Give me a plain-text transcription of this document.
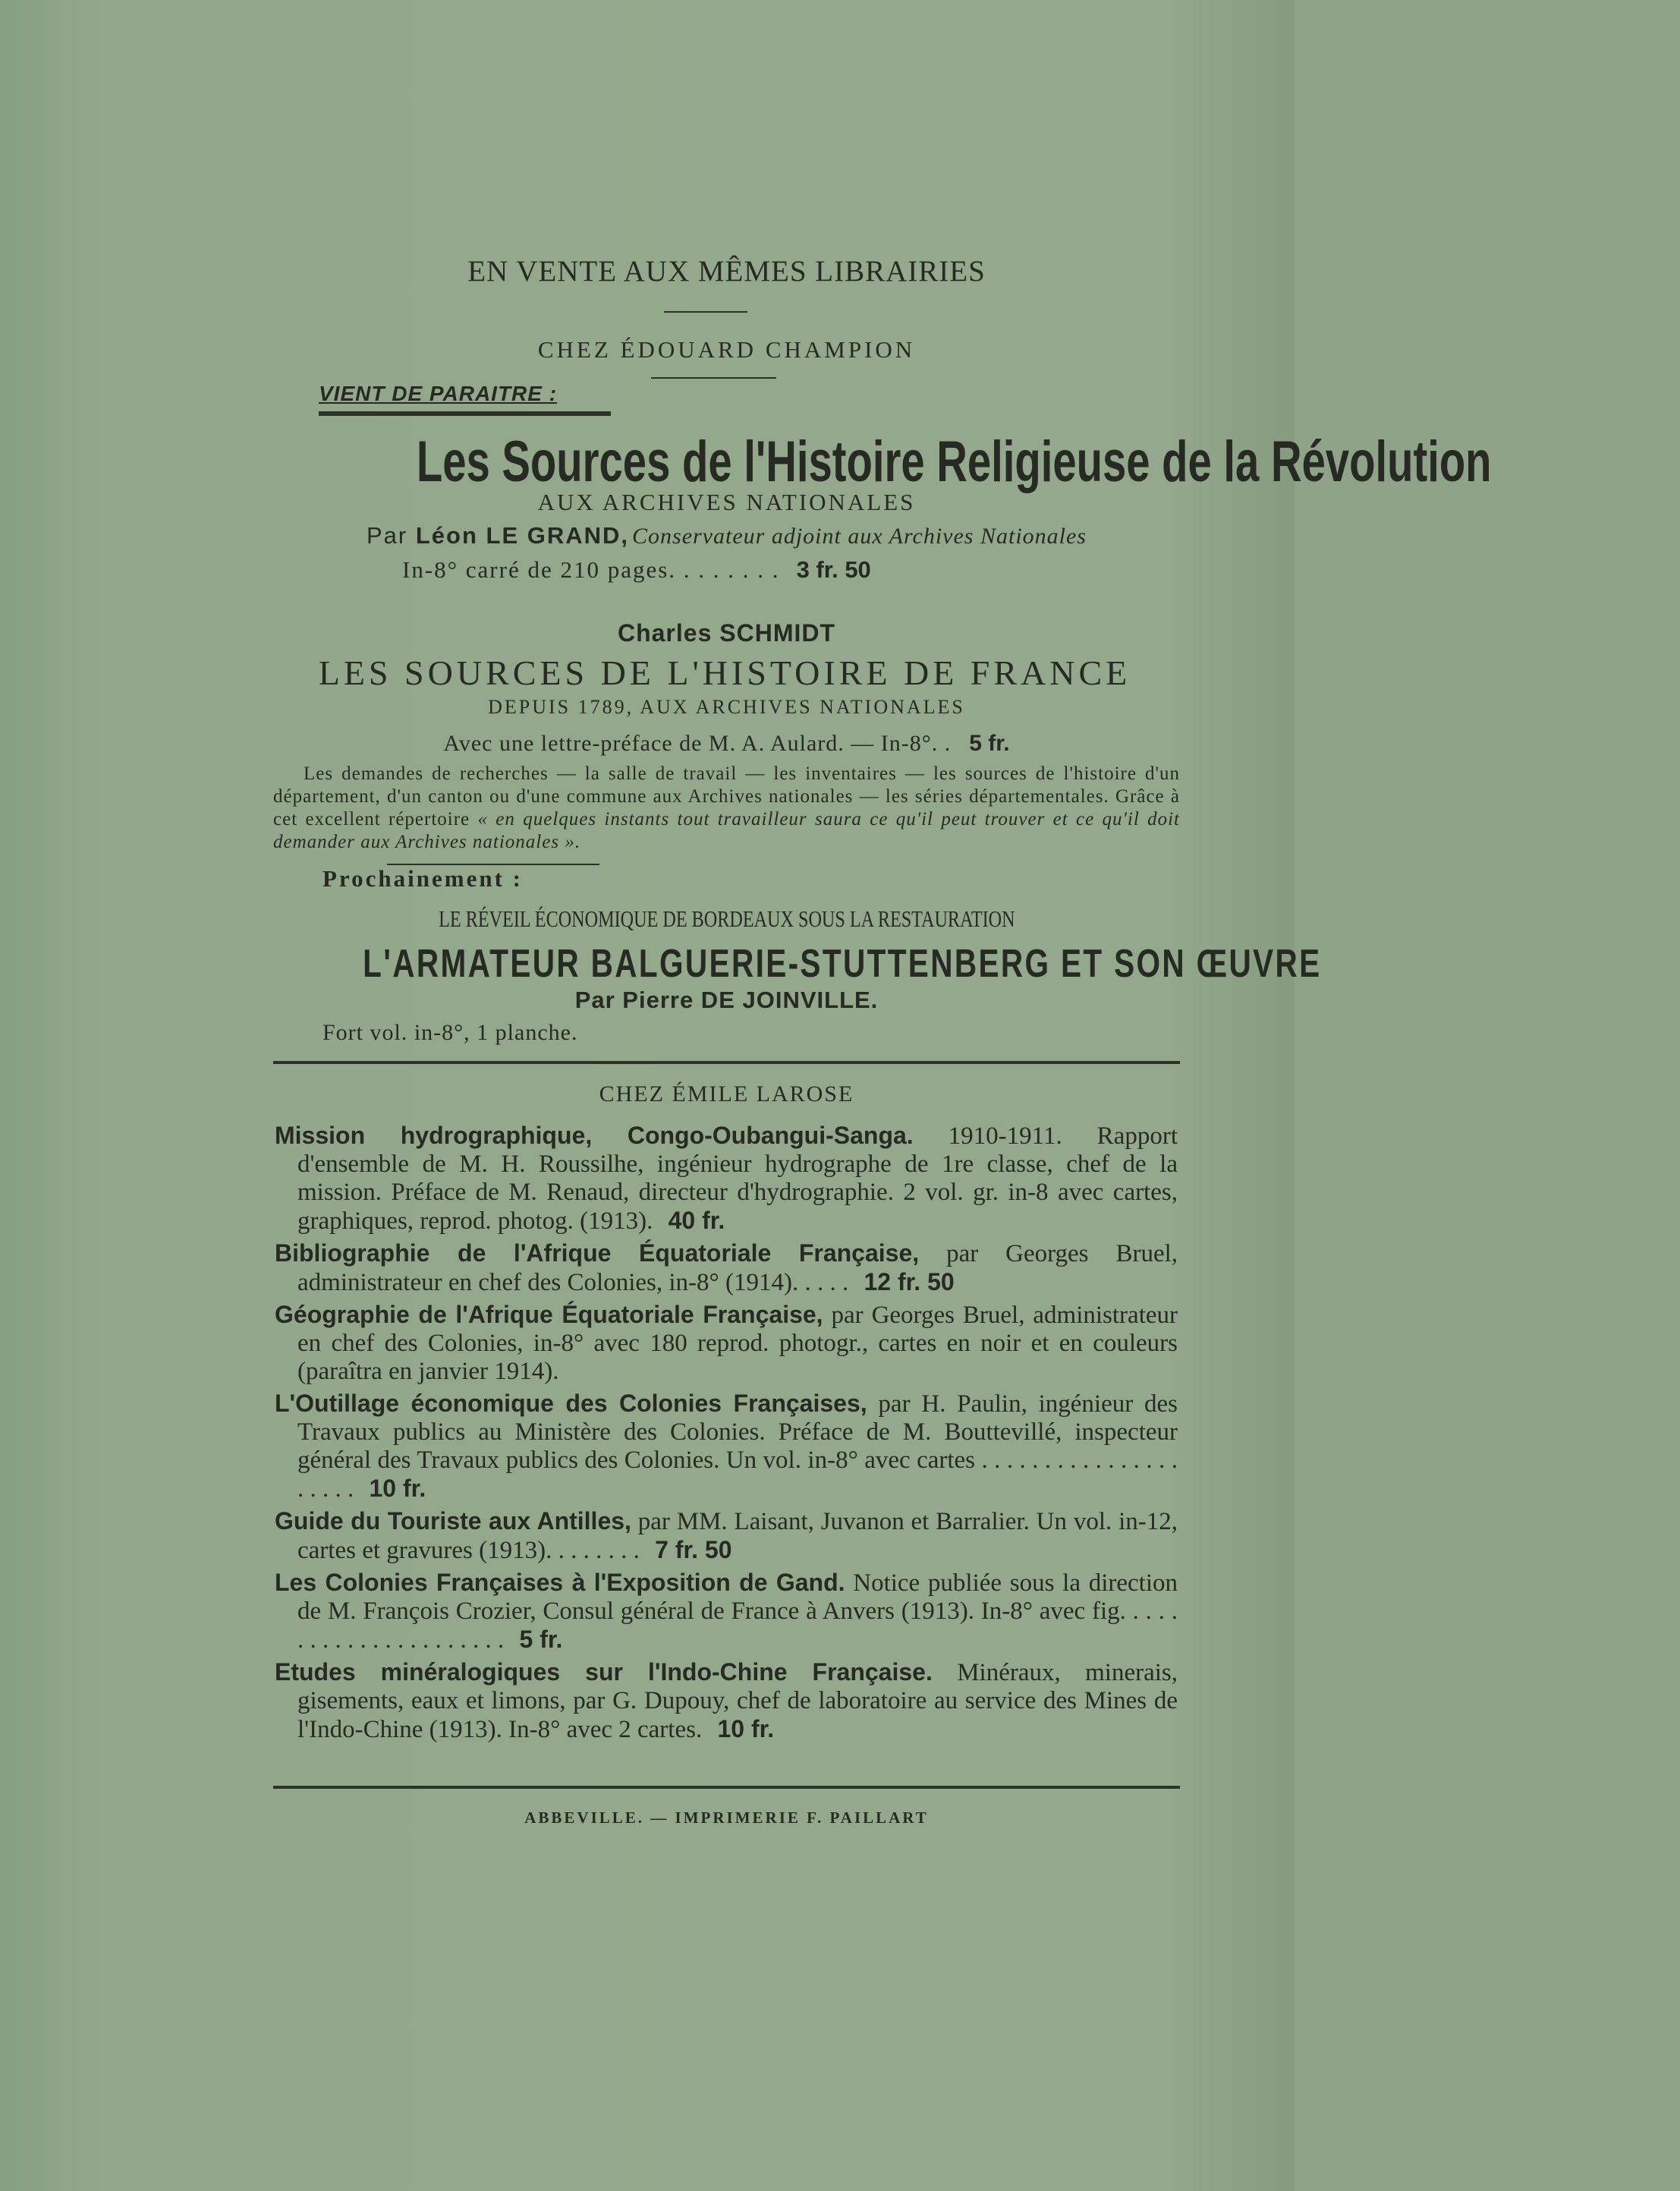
EN VENTE AUX MÊMES LIBRAIRIES
CHEZ ÉDOUARD CHAMPION
VIENT DE PARAITRE :
Les Sources de l'Histoire Religieuse de la Révolution
AUX ARCHIVES NATIONALES
Par Léon LE GRAND, Conservateur adjoint aux Archives Nationales
In-8° carré de 210 pages. . . . . . . . 3 fr. 50
Charles SCHMIDT
LES SOURCES DE L'HISTOIRE DE FRANCE
DEPUIS 1789, AUX ARCHIVES NATIONALES
Avec une lettre-préface de M. A. Aulard. — In-8°. . 5 fr.
Les demandes de recherches — la salle de travail — les inventaires — les sources de l'histoire d'un département, d'un canton ou d'une commune aux Archives nationales — les séries départementales. Grâce à cet excellent répertoire « en quelques instants tout travailleur saura ce qu'il peut trouver et ce qu'il doit demander aux Archives nationales ».
Prochainement :
LE RÉVEIL ÉCONOMIQUE DE BORDEAUX SOUS LA RESTAURATION
L'ARMATEUR BALGUERIE-STUTTENBERG ET SON ŒUVRE
Par Pierre DE JOINVILLE.
Fort vol. in-8°, 1 planche.
CHEZ ÉMILE LAROSE
Mission hydrographique, Congo-Oubangui-Sanga. 1910-1911. Rapport d'ensemble de M. H. Roussilhe, ingénieur hydrographe de 1re classe, chef de la mission. Préface de M. Renaud, directeur d'hydrographie. 2 vol. gr. in-8 avec cartes, graphiques, reprod. photog. (1913). 40 fr.
Bibliographie de l'Afrique Équatoriale Française, par Georges Bruel, administrateur en chef des Colonies, in-8° (1914). . . . . 12 fr. 50
Géographie de l'Afrique Équatoriale Française, par Georges Bruel, administrateur en chef des Colonies, in-8° avec 180 reprod. photogr., cartes en noir et en couleurs (paraîtra en janvier 1914).
L'Outillage économique des Colonies Françaises, par H. Paulin, ingénieur des Travaux publics au Ministère des Colonies. Préface de M. Bouttevillé, inspecteur général des Travaux publics des Colonies. Un vol. in-8° avec cartes . . . . . . . . . . . . . . . . . . . . . 10 fr.
Guide du Touriste aux Antilles, par MM. Laisant, Juvanon et Barralier. Un vol. in-12, cartes et gravures (1913). . . . . . . . 7 fr. 50
Les Colonies Françaises à l'Exposition de Gand. Notice publiée sous la direction de M. François Crozier, Consul général de France à Anvers (1913). In-8° avec fig. . . . . . . . . . . . . . . . . . . . . . 5 fr.
Etudes minéralogiques sur l'Indo-Chine Française. Minéraux, minerais, gisements, eaux et limons, par G. Dupouy, chef de laboratoire au service des Mines de l'Indo-Chine (1913). In-8° avec 2 cartes. 10 fr.
ABBEVILLE. — IMPRIMERIE F. PAILLART
